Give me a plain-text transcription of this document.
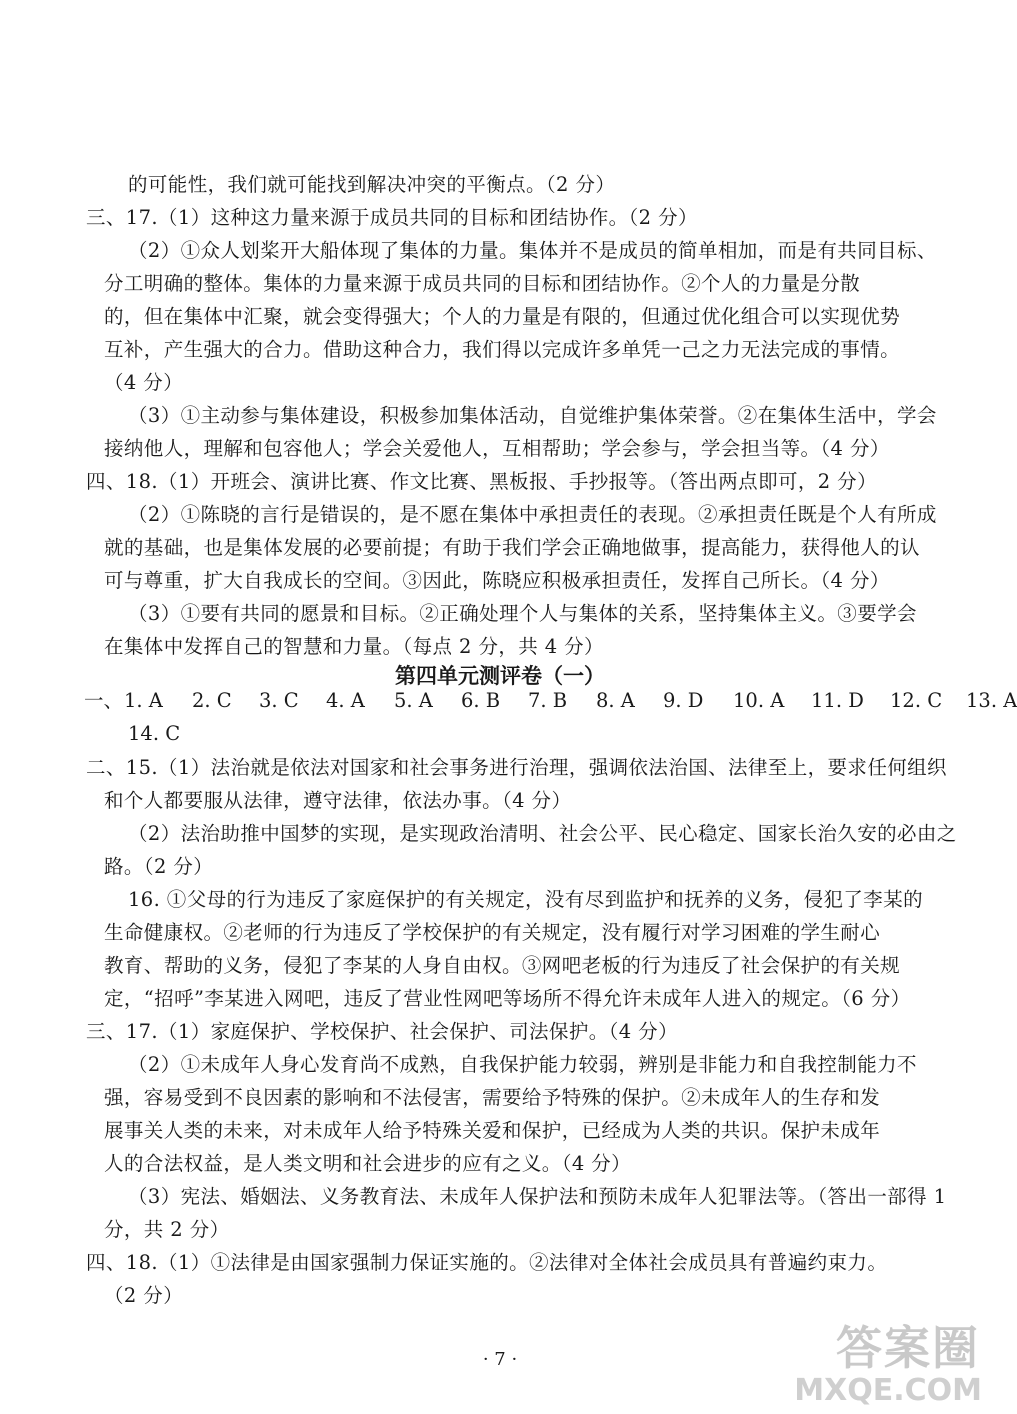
的可能性，我们就可能找到解决冲突的平衡点。（2 分）
三、17.（1）这种这力量来源于成员共同的目标和团结协作。（2 分）
（2）①众人划桨开大船体现了集体的力量。集体并不是成员的简单相加，而是有共同目标、
分工明确的整体。集体的力量来源于成员共同的目标和团结协作。②个人的力量是分散
的，但在集体中汇聚，就会变得强大；个人的力量是有限的，但通过优化组合可以实现优势
互补，产生强大的合力。借助这种合力，我们得以完成许多单凭一己之力无法完成的事情。
（4 分）
（3）①主动参与集体建设，积极参加集体活动，自觉维护集体荣誉。②在集体生活中，学会
接纳他人，理解和包容他人；学会关爱他人，互相帮助；学会参与，学会担当等。（4 分）
四、18.（1）开班会、演讲比赛、作文比赛、黑板报、手抄报等。（答出两点即可，2 分）
（2）①陈晓的言行是错误的，是不愿在集体中承担责任的表现。②承担责任既是个人有所成
就的基础，也是集体发展的必要前提；有助于我们学会正确地做事，提高能力，获得他人的认
可与尊重，扩大自我成长的空间。③因此，陈晓应积极承担责任，发挥自己所长。（4 分）
（3）①要有共同的愿景和目标。②正确处理个人与集体的关系，坚持集体主义。③要学会
在集体中发挥自己的智慧和力量。（每点 2 分，共 4 分）
第四单元测评卷（一）
一、 1. A 2. C 3. C 4. A 5. A 6. B 7. B 8. A 9. D 10. A 11. D 12. C 13. A
14. C
二、15.（1）法治就是依法对国家和社会事务进行治理，强调依法治国、法律至上，要求任何组织
和个人都要服从法律，遵守法律，依法办事。（4 分）
（2）法治助推中国梦的实现，是实现政治清明、社会公平、民心稳定、国家长治久安的必由之
路。（2 分）
16. ①父母的行为违反了家庭保护的有关规定，没有尽到监护和抚养的义务，侵犯了李某的
生命健康权。②老师的行为违反了学校保护的有关规定，没有履行对学习困难的学生耐心
教育、帮助的义务，侵犯了李某的人身自由权。③网吧老板的行为违反了社会保护的有关规
定，“招呼”李某进入网吧，违反了营业性网吧等场所不得允许未成年人进入的规定。（6 分）
三、17.（1）家庭保护、学校保护、社会保护、司法保护。（4 分）
（2）①未成年人身心发育尚不成熟，自我保护能力较弱，辨别是非能力和自我控制能力不
强，容易受到不良因素的影响和不法侵害，需要给予特殊的保护。②未成年人的生存和发
展事关人类的未来，对未成年人给予特殊关爱和保护，已经成为人类的共识。保护未成年
人的合法权益，是人类文明和社会进步的应有之义。（4 分）
（3）宪法、婚姻法、义务教育法、未成年人保护法和预防未成年人犯罪法等。（答出一部得 1
分，共 2 分）
四、18.（1）①法律是由国家强制力保证实施的。②法律对全体社会成员具有普遍约束力。
（2 分）
· 7 ·	答案圈
MXQE.COM
